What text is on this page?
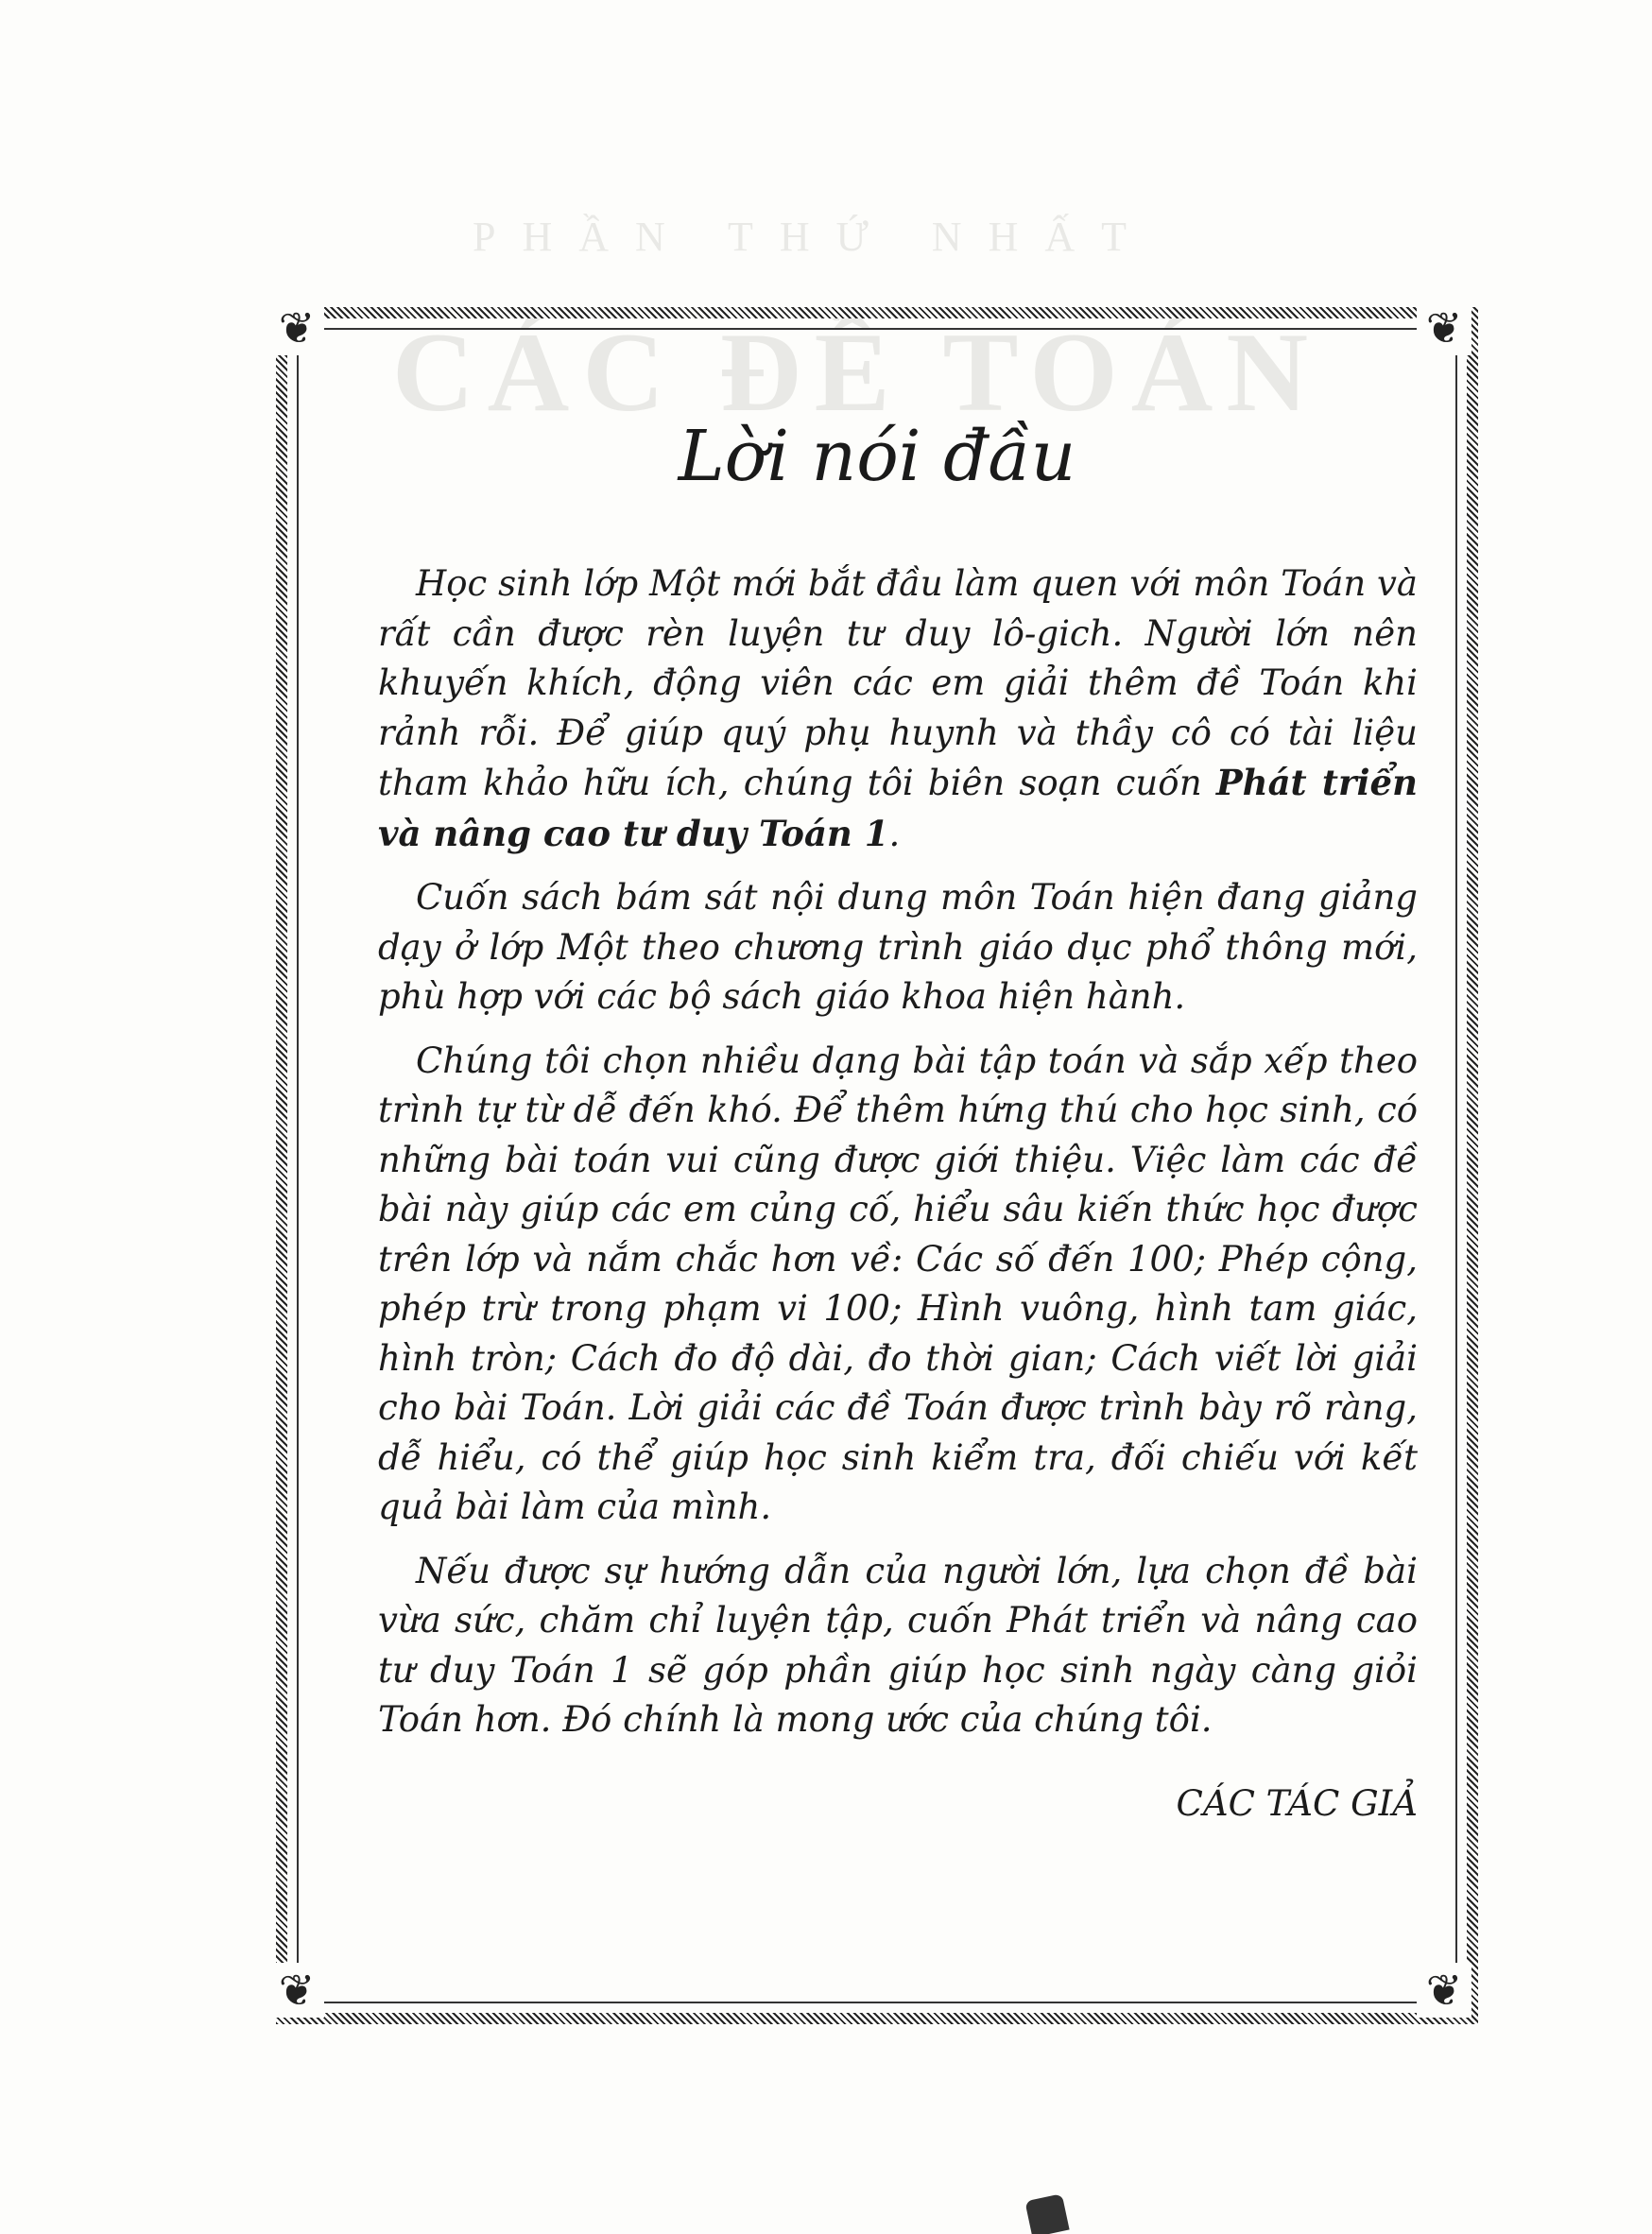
PHẦN THỨ NHẤT
CÁC ĐỀ TOÁN
❦	❦
❦	❦
Lời nói đầu

Học sinh lớp Một mới bắt đầu làm quen với môn Toán và rất cần được rèn luyện tư duy lô-gich. Người lớn nên khuyến khích, động viên các em giải thêm đề Toán khi rảnh rỗi. Để giúp quý phụ huynh và thầy cô có tài liệu tham khảo hữu ích, chúng tôi biên soạn cuốn Phát triển và nâng cao tư duy Toán 1.

Cuốn sách bám sát nội dung môn Toán hiện đang giảng dạy ở lớp Một theo chương trình giáo dục phổ thông mới, phù hợp với các bộ sách giáo khoa hiện hành.

Chúng tôi chọn nhiều dạng bài tập toán và sắp xếp theo trình tự từ dễ đến khó. Để thêm hứng thú cho học sinh, có những bài toán vui cũng được giới thiệu. Việc làm các đề bài này giúp các em củng cố, hiểu sâu kiến thức học được trên lớp và nắm chắc hơn về: Các số đến 100; Phép cộng, phép trừ trong phạm vi 100; Hình vuông, hình tam giác, hình tròn; Cách đo độ dài, đo thời gian; Cách viết lời giải cho bài Toán. Lời giải các đề Toán được trình bày rõ ràng, dễ hiểu, có thể giúp học sinh kiểm tra, đối chiếu với kết quả bài làm của mình.

Nếu được sự hướng dẫn của người lớn, lựa chọn đề bài vừa sức, chăm chỉ luyện tập, cuốn Phát triển và nâng cao tư duy Toán 1 sẽ góp phần giúp học sinh ngày càng giỏi Toán hơn. Đó chính là mong ước của chúng tôi.

CÁC TÁC GIẢ
